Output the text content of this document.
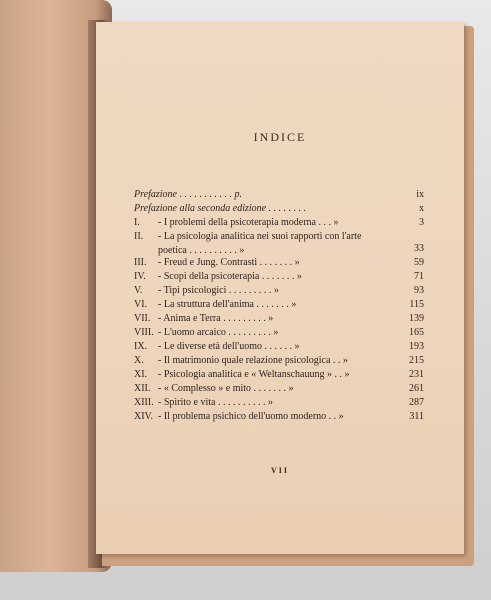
INDICE
Prefazione . . . . . . . . . . . p.	ix
Prefazione alla seconda edizione . . . . . . . .	x
I.	- I problemi della psicoterapia moderna . . . »	3
II.	- La psicologia analitica nei suoi rapporti con l'arte poetica . . . . . . . . . . »	33
III.	- Freud e Jung. Contrasti . . . . . . . »	59
IV.	- Scopi della psicoterapia . . . . . . . »	71
V.	- Tipi psicologici . . . . . . . . . »	93
VI.	- La struttura dell'anima . . . . . . . »	115
VII. - Anima e Terra . . . . . . . . . »	139
VIII. - L'uomo arcaico . . . . . . . . . »	165
IX.	- Le diverse età dell'uomo . . . . . . »	193
X.	- Il matrimonio quale relazione psicologica . . »	215
XI.	- Psicologia analitica e « Weltanschauung » . . »	231
XII. - « Complesso » e mito . . . . . . . »	261
XIII. - Spirito e vita . . . . . . . . . . »	287
XIV. - Il problema psichico dell'uomo moderno . . »	311
VII
